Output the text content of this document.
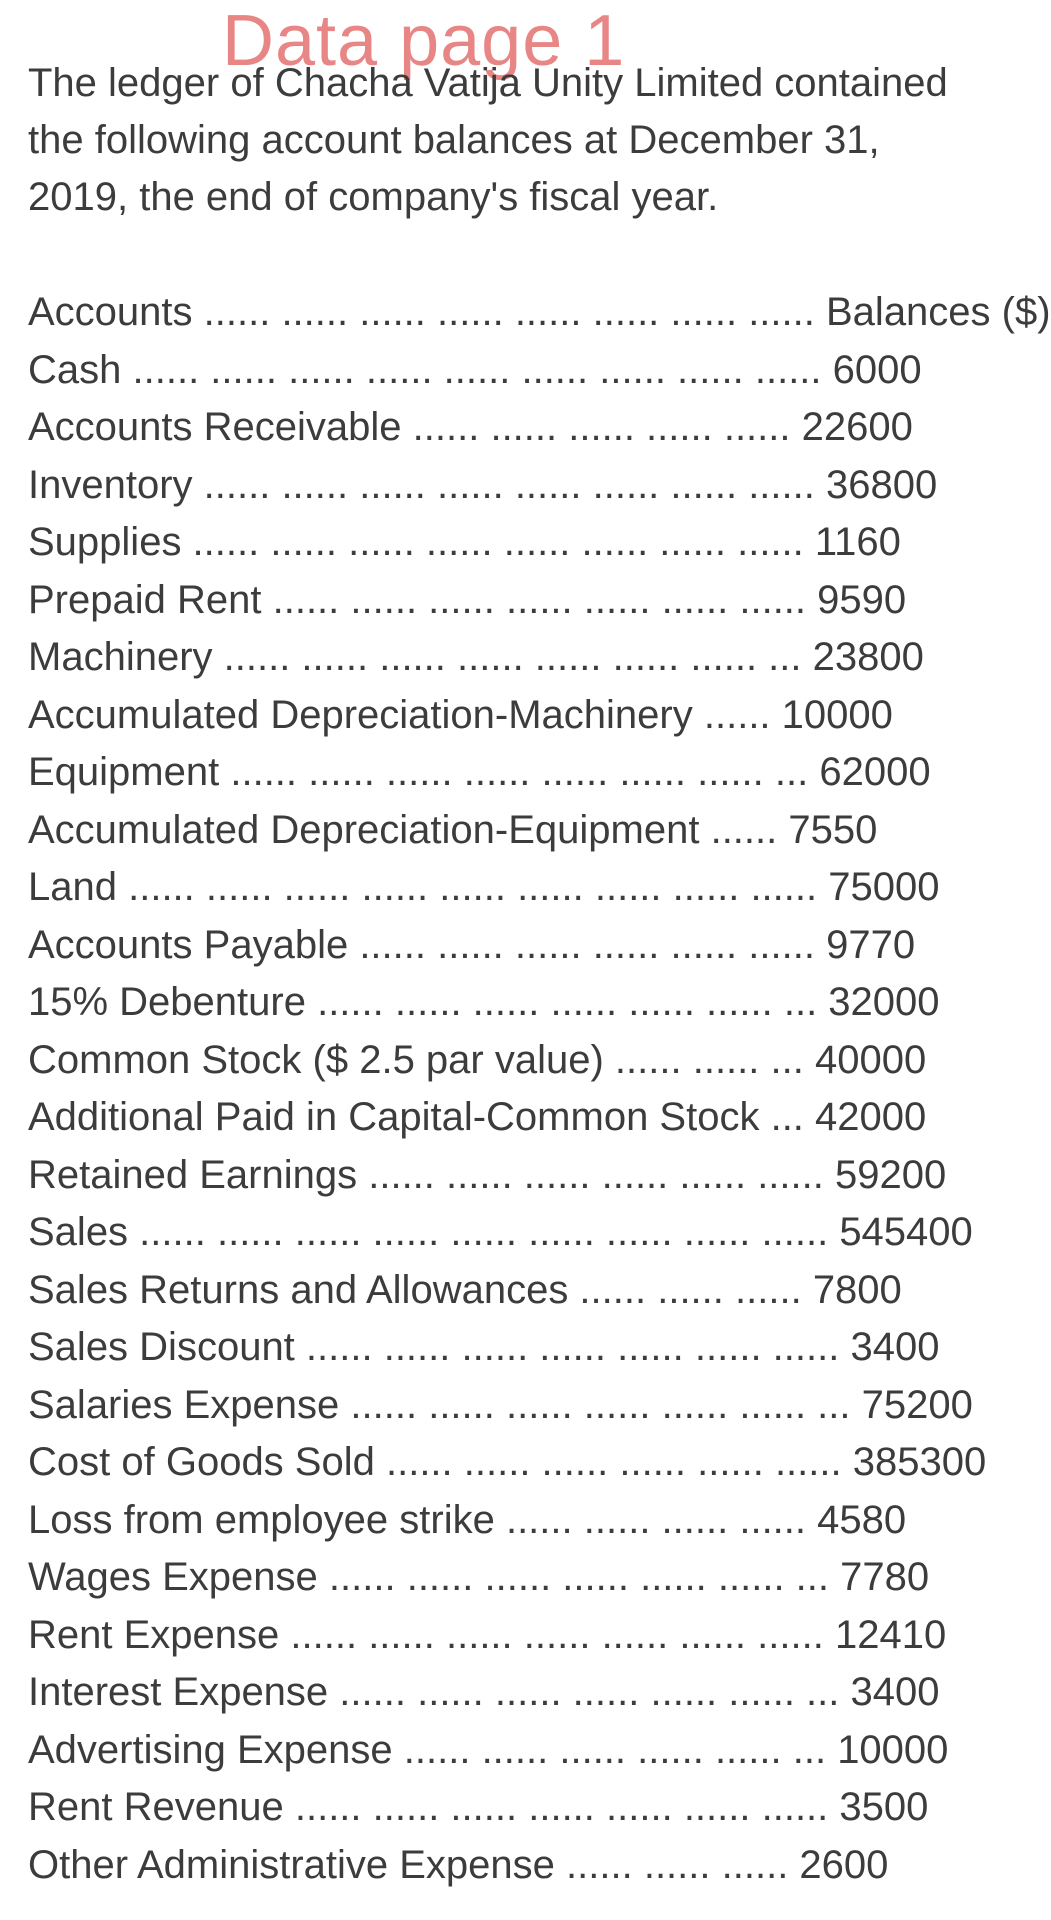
Data page 1

The ledger of Chacha Vatija Unity Limited contained the following account balances at December 31, 2019, the end of company's fiscal year.

Accounts ...... ...... ...... ...... ...... ...... ...... ...... Balances ($)
Cash ...... ...... ...... ...... ...... ...... ...... ...... ...... 6000
Accounts Receivable ...... ...... ...... ...... ...... 22600
Inventory ...... ...... ...... ...... ...... ...... ...... ...... 36800
Supplies ...... ...... ...... ...... ...... ...... ...... ...... 1160
Prepaid Rent ...... ...... ...... ...... ...... ...... ...... 9590
Machinery ...... ...... ...... ...... ...... ...... ...... ... 23800
Accumulated Depreciation-Machinery ...... 10000
Equipment ...... ...... ...... ...... ...... ...... ...... ... 62000
Accumulated Depreciation-Equipment ...... 7550
Land ...... ...... ...... ...... ...... ...... ...... ...... ...... 75000
Accounts Payable ...... ...... ...... ...... ...... ...... 9770
15% Debenture ...... ...... ...... ...... ...... ...... ... 32000
Common Stock ($ 2.5 par value) ...... ...... ... 40000
Additional Paid in Capital-Common Stock ... 42000
Retained Earnings ...... ...... ...... ...... ...... ...... 59200
Sales ...... ...... ...... ...... ...... ...... ...... ...... ...... 545400
Sales Returns and Allowances ...... ...... ...... 7800
Sales Discount ...... ...... ...... ...... ...... ...... ...... 3400
Salaries Expense ...... ...... ...... ...... ...... ...... ... 75200
Cost of Goods Sold ...... ...... ...... ...... ...... ...... 385300
Loss from employee strike ...... ...... ...... ...... 4580
Wages Expense ...... ...... ...... ...... ...... ...... ... 7780
Rent Expense ...... ...... ...... ...... ...... ...... ...... 12410
Interest Expense ...... ...... ...... ...... ...... ...... ... 3400
Advertising Expense ...... ...... ...... ...... ...... ... 10000
Rent Revenue ...... ...... ...... ...... ...... ...... ...... 3500
Other Administrative Expense ...... ...... ...... 2600
